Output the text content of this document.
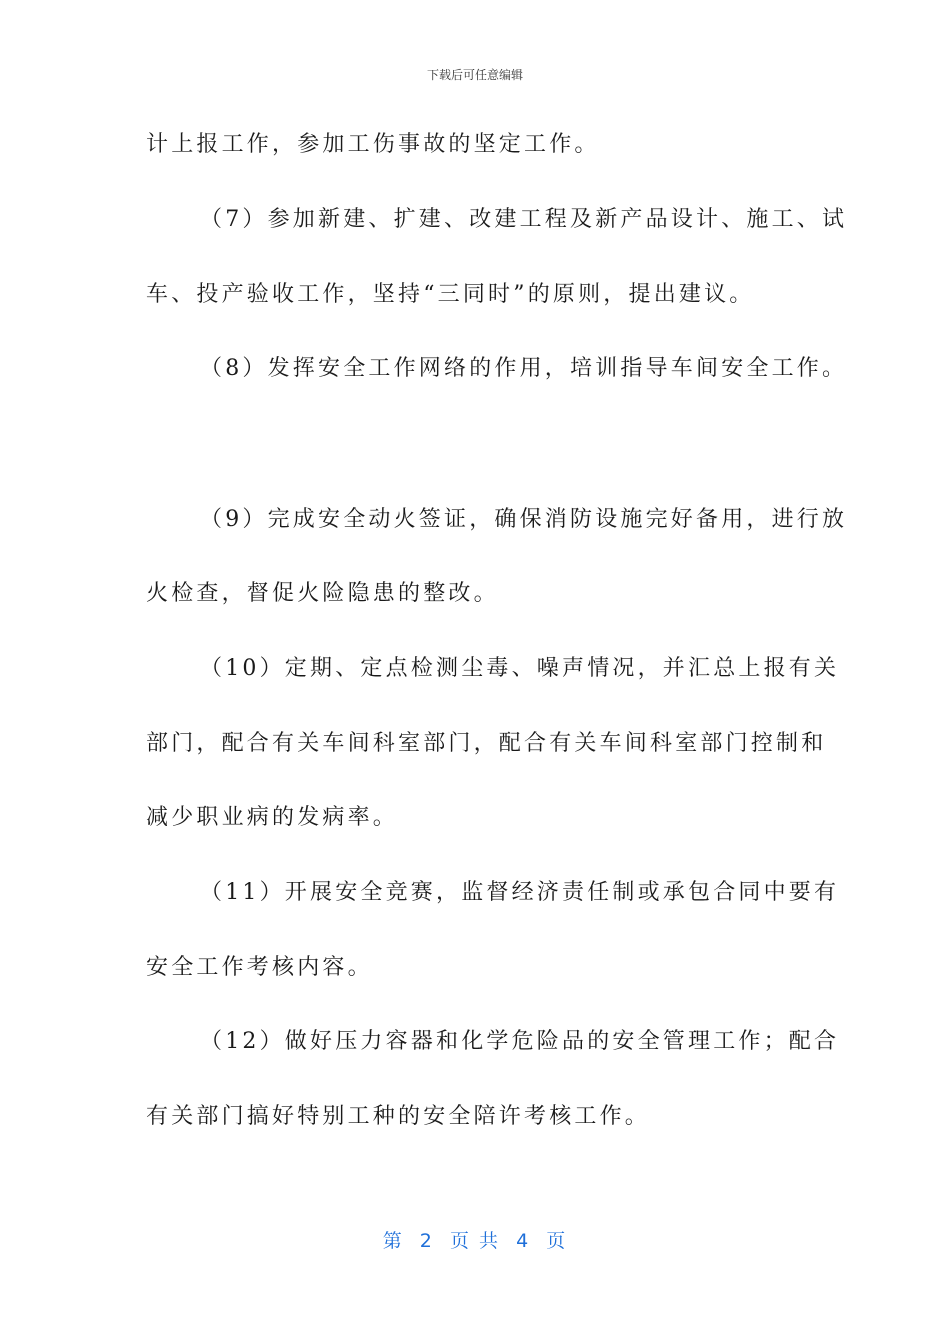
下载后可任意编辑
计上报工作，参加工伤事故的坚定工作。
（7）参加新建、扩建、改建工程及新产品设计、施工、试
车、投产验收工作，坚持“三同时”的原则，提出建议。
（8）发挥安全工作网络的作用，培训指导车间安全工作。
（9）完成安全动火签证，确保消防设施完好备用，进行放
火检查，督促火险隐患的整改。
（10）定期、定点检测尘毒、噪声情况，并汇总上报有关
部门，配合有关车间科室部门，配合有关车间科室部门控制和
减少职业病的发病率。
（11）开展安全竞赛，监督经济责任制或承包合同中要有
安全工作考核内容。
（12）做好压力容器和化学危险品的安全管理工作；配合
有关部门搞好特别工种的安全陪许考核工作。
第  2  页 共  4  页
